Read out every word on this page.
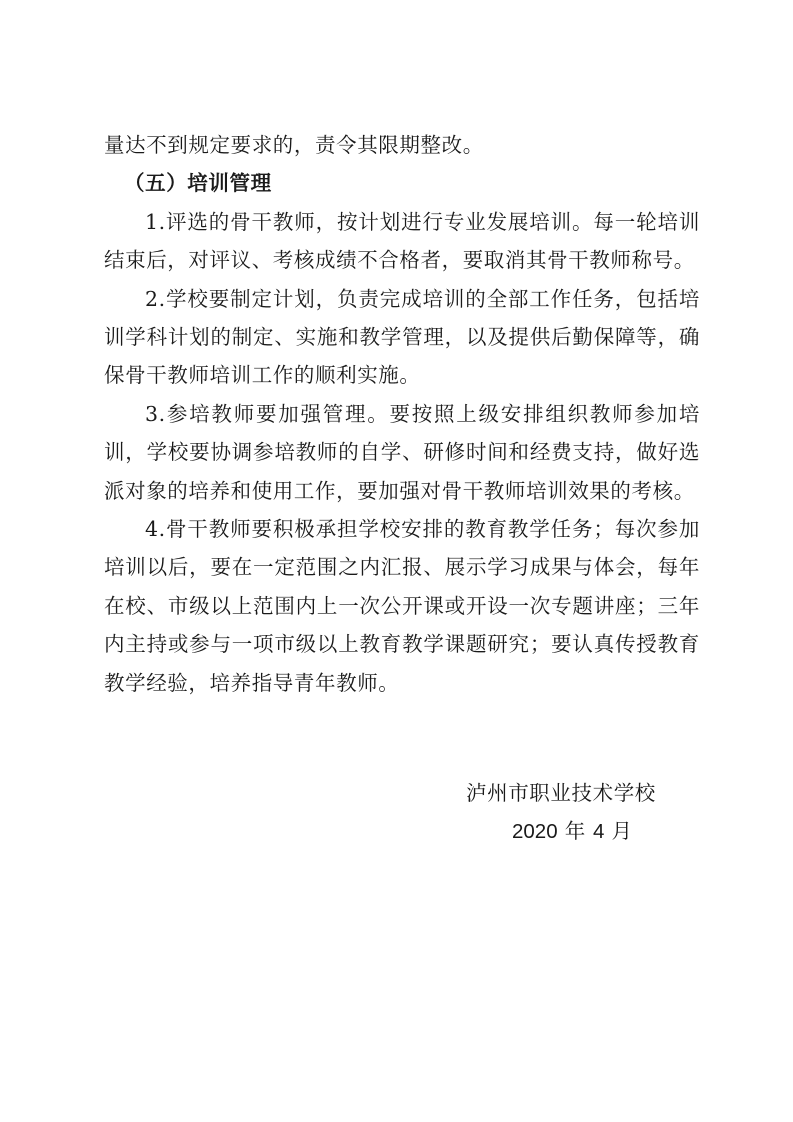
量达不到规定要求的，责令其限期整改。

（五）培训管理

1.评选的骨干教师，按计划进行专业发展培训。每一轮培训结束后，对评议、考核成绩不合格者，要取消其骨干教师称号。

2.学校要制定计划，负责完成培训的全部工作任务，包括培训学科计划的制定、实施和教学管理，以及提供后勤保障等，确保骨干教师培训工作的顺利实施。

3.参培教师要加强管理。要按照上级安排组织教师参加培训，学校要协调参培教师的自学、研修时间和经费支持，做好选派对象的培养和使用工作，要加强对骨干教师培训效果的考核。

4.骨干教师要积极承担学校安排的教育教学任务；每次参加培训以后，要在一定范围之内汇报、展示学习成果与体会，每年在校、市级以上范围内上一次公开课或开设一次专题讲座；三年内主持或参与一项市级以上教育教学课题研究；要认真传授教育教学经验，培养指导青年教师。

泸州市职业技术学校
2020 年 4 月
